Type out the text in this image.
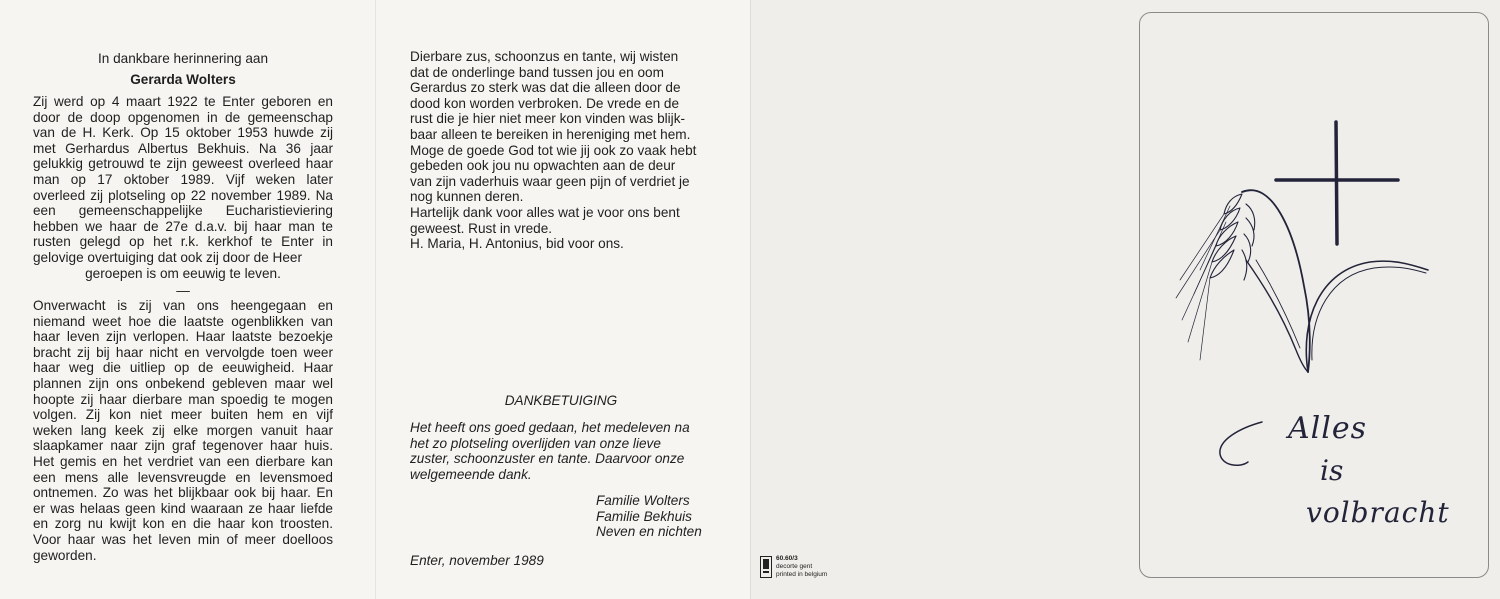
In dankbare herinnering aan
Gerarda Wolters

Zij werd op 4 maart 1922 te Enter geboren en door de doop opgenomen in de gemeenschap van de H. Kerk. Op 15 oktober 1953 huwde zij met Gerhardus Albertus Bekhuis. Na 36 jaar gelukkig getrouwd te zijn geweest overleed haar man op 17 oktober 1989. Vijf weken later overleed zij plotseling op 22 november 1989. Na een gemeenschappelijke Eucharistieviering hebben we haar de 27e d.a.v. bij haar man te rusten gelegd op het r.k. kerkhof te Enter in gelovige overtuiging dat ook zij door de Heer

geroepen is om eeuwig te leven.
—

Onverwacht is zij van ons heengegaan en niemand weet hoe die laatste ogenblikken van haar leven zijn verlopen. Haar laatste bezoekje bracht zij bij haar nicht en vervolgde toen weer haar weg die uitliep op de eeuwigheid. Haar plannen zijn ons onbekend gebleven maar wel hoopte zij haar dierbare man spoedig te mogen volgen. Zij kon niet meer buiten hem en vijf weken lang keek zij elke morgen vanuit haar slaapkamer naar zijn graf tegenover haar huis. Het gemis en het verdriet van een dierbare kan een mens alle levensvreugde en levensmoed ontnemen. Zo was het blijkbaar ook bij haar. En er was helaas geen kind waaraan ze haar liefde en zorg nu kwijt kon en die haar kon troosten. Voor haar was het leven min of meer doelloos geworden.

Dierbare zus, schoonzus en tante, wij wisten
dat de onderlinge band tussen jou en oom
Gerardus zo sterk was dat die alleen door de
dood kon worden verbroken. De vrede en de
rust die je hier niet meer kon vinden was blijk-
baar alleen te bereiken in hereniging met hem.
Moge de goede God tot wie jij ook zo vaak hebt
gebeden ook jou nu opwachten aan de deur
van zijn vaderhuis waar geen pijn of verdriet je
nog kunnen deren.
Hartelijk dank voor alles wat je voor ons bent
geweest. Rust in vrede.
H. Maria, H. Antonius, bid voor ons.
DANKBETUIGING
Het heeft ons goed gedaan, het medeleven na
het zo plotseling overlijden van onze lieve
zuster, schoonzuster en tante. Daarvoor onze
welgemeende dank.
Familie Wolters
Familie Bekhuis
Neven en nichten
Enter, november 1989	60.60/3
decorte gent
printed in belgium
Alles
is
volbracht
